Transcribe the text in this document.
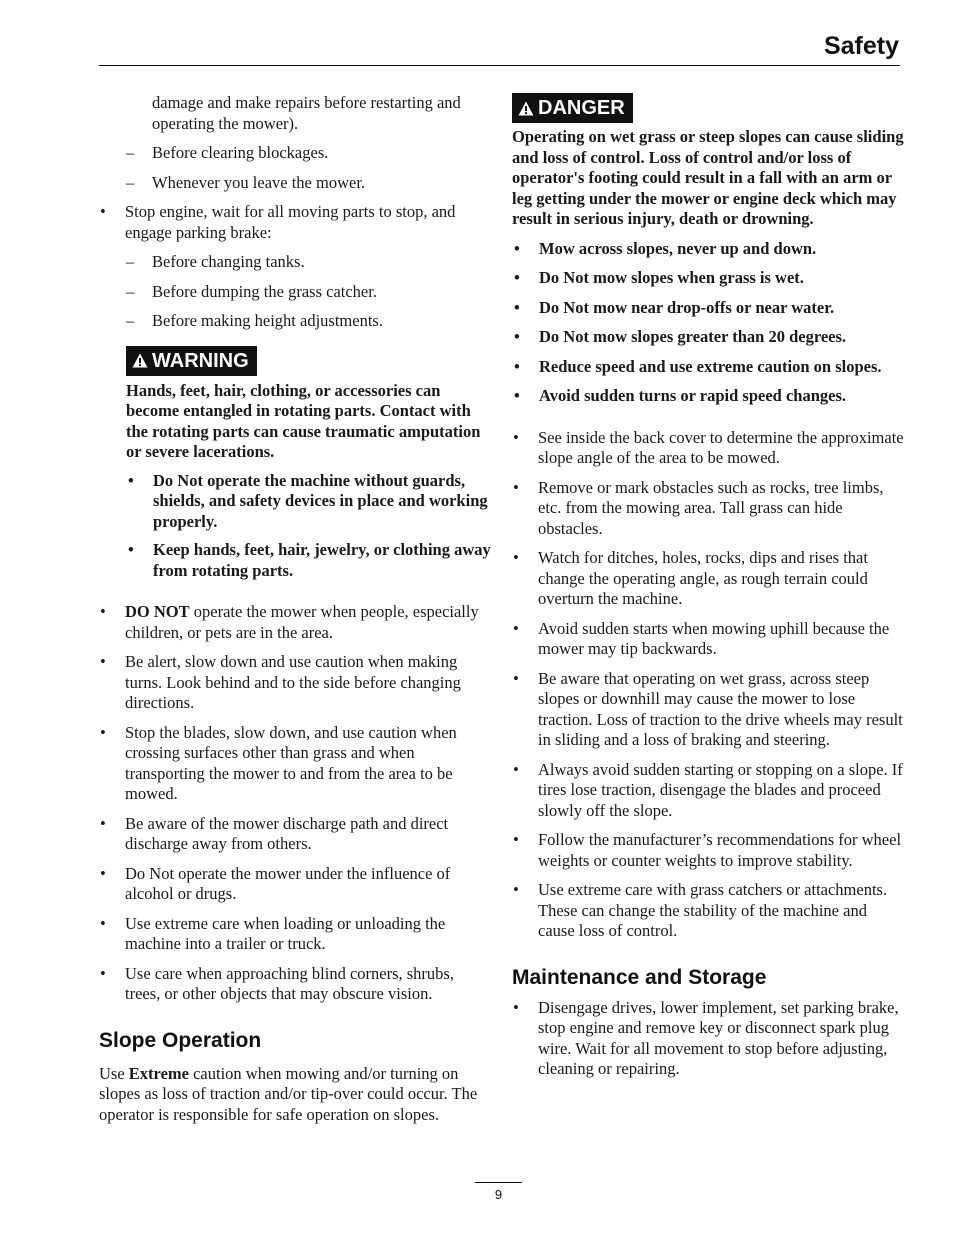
Safety
damage and make repairs before restarting and operating the mower).
– Before clearing blockages.
– Whenever you leave the mower.
• Stop engine, wait for all moving parts to stop, and engage parking brake:
– Before changing tanks.
– Before dumping the grass catcher.
– Before making height adjustments.
WARNING
Hands, feet, hair, clothing, or accessories can become entangled in rotating parts. Contact with the rotating parts can cause traumatic amputation or severe lacerations.
• Do Not operate the machine without guards, shields, and safety devices in place and working properly.
• Keep hands, feet, hair, jewelry, or clothing away from rotating parts.
• DO NOT operate the mower when people, especially children, or pets are in the area.
• Be alert, slow down and use caution when making turns. Look behind and to the side before changing directions.
• Stop the blades, slow down, and use caution when crossing surfaces other than grass and when transporting the mower to and from the area to be mowed.
• Be aware of the mower discharge path and direct discharge away from others.
• Do Not operate the mower under the influence of alcohol or drugs.
• Use extreme care when loading or unloading the machine into a trailer or truck.
• Use care when approaching blind corners, shrubs, trees, or other objects that may obscure vision.
Slope Operation
Use Extreme caution when mowing and/or turning on slopes as loss of traction and/or tip-over could occur. The operator is responsible for safe operation on slopes.
DANGER
Operating on wet grass or steep slopes can cause sliding and loss of control. Loss of control and/or loss of operator's footing could result in a fall with an arm or leg getting under the mower or engine deck which may result in serious injury, death or drowning.
• Mow across slopes, never up and down.
• Do Not mow slopes when grass is wet.
• Do Not mow near drop-offs or near water.
• Do Not mow slopes greater than 20 degrees.
• Reduce speed and use extreme caution on slopes.
• Avoid sudden turns or rapid speed changes.
• See inside the back cover to determine the approximate slope angle of the area to be mowed.
• Remove or mark obstacles such as rocks, tree limbs, etc. from the mowing area. Tall grass can hide obstacles.
• Watch for ditches, holes, rocks, dips and rises that change the operating angle, as rough terrain could overturn the machine.
• Avoid sudden starts when mowing uphill because the mower may tip backwards.
• Be aware that operating on wet grass, across steep slopes or downhill may cause the mower to lose traction. Loss of traction to the drive wheels may result in sliding and a loss of braking and steering.
• Always avoid sudden starting or stopping on a slope. If tires lose traction, disengage the blades and proceed slowly off the slope.
• Follow the manufacturer’s recommendations for wheel weights or counter weights to improve stability.
• Use extreme care with grass catchers or attachments. These can change the stability of the machine and cause loss of control.
Maintenance and Storage
• Disengage drives, lower implement, set parking brake, stop engine and remove key or disconnect spark plug wire. Wait for all movement to stop before adjusting, cleaning or repairing.
9
